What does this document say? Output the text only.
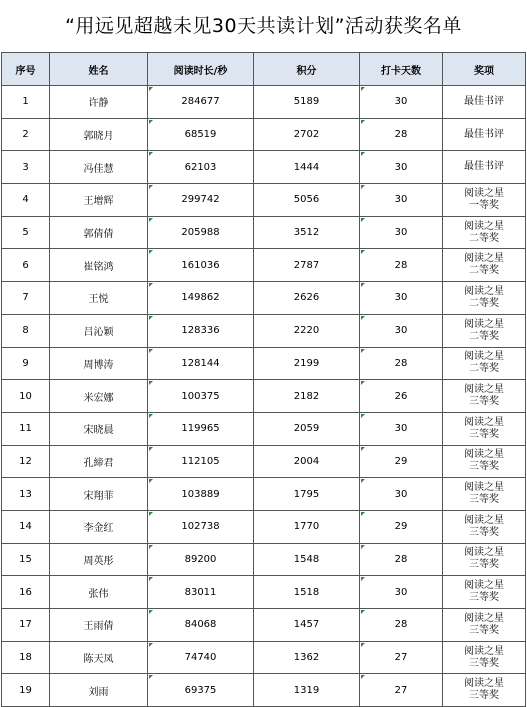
“用远见超越未见30天共读计划”活动获奖名单
序号	姓名	阅读时长/秒	积分	打卡天数	奖项
1	许静	284677	5189	30	最佳书评

2	郭晓月	68519	2702	28	最佳书评

3	冯佳慧	62103	1444	30	最佳书评

4	王增辉	299742	5056	30	阅读之星
一等奖

5	郭倩倩	205988	3512	30	阅读之星
二等奖

6	崔铭鸿	161036	2787	28	阅读之星
二等奖

7	王悦	149862	2626	30	阅读之星
二等奖

8	吕沁颖	128336	2220	30	阅读之星
二等奖

9	周博涛	128144	2199	28	阅读之星
二等奖

10	米宏娜	100375	2182	26	阅读之星
三等奖

11	宋晓晨	119965	2059	30	阅读之星
三等奖

12	孔締君	112105	2004	29	阅读之星
三等奖

13	宋翔菲	103889	1795	30	阅读之星
三等奖

14	李金红	102738	1770	29	阅读之星
三等奖

15	周英彤	89200	1548	28	阅读之星
三等奖

16	张伟	83011	1518	30	阅读之星
三等奖

17	王雨倩	84068	1457	28	阅读之星
三等奖

18	陈天凤	74740	1362	27	阅读之星
三等奖

19	刘雨	69375	1319	27	阅读之星
三等奖
